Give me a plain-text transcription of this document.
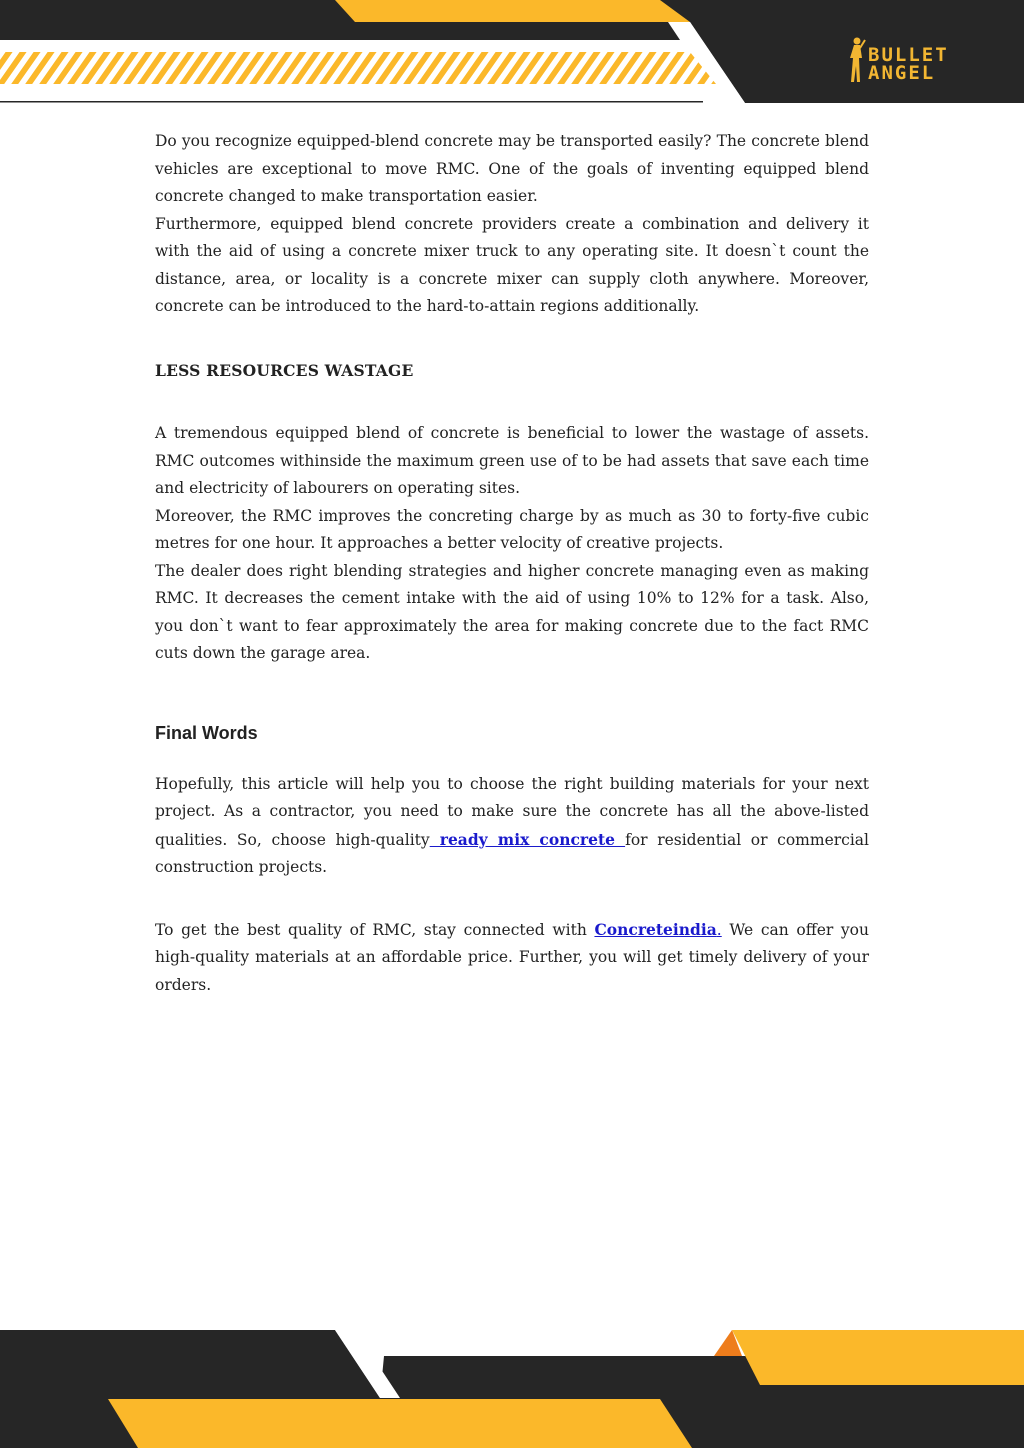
BULLET
ANGEL

Do you recognize equipped-blend concrete may be transported easily? The concrete blend vehicles are exceptional to move RMC. One of the goals of inventing equipped blend concrete changed to make transportation easier.

Furthermore, equipped blend concrete providers create a combination and delivery it with the aid of using a concrete mixer truck to any operating site. It doesn`t count the distance, area, or locality is a concrete mixer can supply cloth anywhere. Moreover, concrete can be introduced to the hard-to-attain regions additionally.

LESS RESOURCES WASTAGE

A tremendous equipped blend of concrete is beneficial to lower the wastage of assets. RMC outcomes withinside the maximum green use of to be had assets that save each time and electricity of labourers on operating sites.

Moreover, the RMC improves the concreting charge by as much as 30 to forty-five cubic metres for one hour. It approaches a better velocity of creative projects.

The dealer does right blending strategies and higher concrete managing even as making RMC. It decreases the cement intake with the aid of using 10% to 12% for a task. Also, you don`t want to fear approximately the area for making concrete due to the fact RMC cuts down the garage area.

Final Words

Hopefully, this article will help you to choose the right building materials for your next project. As a contractor, you need to make sure the concrete has all the above-listed qualities. So, choose high-quality ready mix concrete for residential or commercial construction projects.

To get the best quality of RMC, stay connected with Concreteindia. We can offer you high-quality materials at an affordable price. Further, you will get timely delivery of your orders.
